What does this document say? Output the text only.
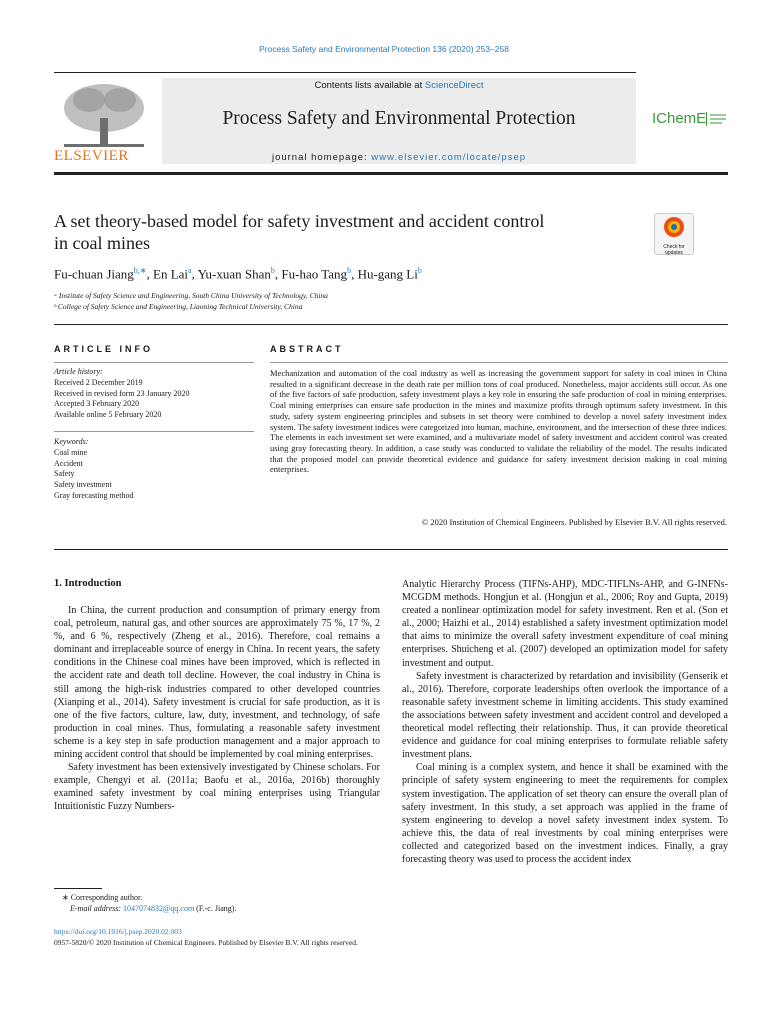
Process Safety and Environmental Protection 136 (2020) 253–258
ELSEVIER
Contents lists available at ScienceDirect
Process Safety and Environmental Protection
journal homepage: www.elsevier.com/locate/psep
IChemE
A set theory-based model for safety investment and accident control
in coal mines	Check for updates
Fu-chuan Jiang$^{b,∗}$, En Lai$^a$, Yu-xuan Shan$^b$, Fu-hao Tang$^b$, Hu-gang Li$^b$
ᵃ Institute of Safety Science and Engineering, South China University of Technology, China
ᵇ College of Safety Science and Engineering, Liaoning Technical University, China
ARTICLE INFO
Article history:
Received 2 December 2019
Received in revised form 23 January 2020
Accepted 3 February 2020
Available online 5 February 2020
Keywords:
Coal mine
Accident
Safety
Safety investment
Gray forecasting method
ABSTRACT
Mechanization and automation of the coal industry as well as increasing the government support for safety in coal mines in China resulted in a significant decrease in the death rate per million tons of coal produced. Nonetheless, major accidents still occur. As one of the five factors of safe production, safety investment plays a key role in ensuring the safe production of coal in mining enterprises. Coal mining enterprises can ensure safe production in the mines and maximize profits through optimum safety investment. In this study, safety system engineering principles and subsets in set theory were combined to develop a novel safety investment index system. The safety investment indices were categorized into human, machine, environment, and the intersection of these three indices. The elements in each investment set were examined, and a multivariate model of safety investment and accident control was created using gray forecasting theory. In addition, a case study was conducted to validate the reliability of the model. The results indicated that the proposed model can provide theoretical evidence and guidance for safety investment decision making in coal mining enterprises.
© 2020 Institution of Chemical Engineers. Published by Elsevier B.V. All rights reserved.
1. Introduction

In China, the current production and consumption of primary energy from coal, petroleum, natural gas, and other sources are approximately 75 %, 17 %, 2 %, and 6 %, respectively (Zheng et al., 2016). Therefore, coal remains a dominant and irreplaceable source of energy in China. In recent years, the safety conditions in the Chinese coal mines have been improved, which is reflected in the accident rate and death toll decline. However, the coal industry in China is still among the high-risk industries compared to other developed countries (Xianping et al., 2014). Safety investment is crucial for safe production, as it is one of the five factors, culture, law, duty, investment, and technology, of safe production in coal mines. Thus, formulating a reasonable safety investment scheme is a key step in safe production management and a major approach to mining accident control that should be implemented by coal mining enterprises.

Safety investment has been extensively investigated by Chinese scholars. For example, Chengyi et al. (2011a; Baofu et al., 2016a, 2016b) thoroughly examined safety investment by coal mining enterprises using Triangular Intuitionistic Fuzzy Numbers-

Analytic Hierarchy Process (TIFNs-AHP), MDC-TIFLNs-AHP, and G-INFNs-MCGDM methods. Hongjun et al. (Hongjun et al., 2006; Roy and Gupta, 2019) created a nonlinear optimization model for safety investment. Ren et al. (Son et al., 2000; Haizhi et al., 2014) established a safety investment optimization model that aims to minimize the overall safety investment expenditure of coal mining enterprises. Shuicheng et al. (2007) developed an optimization model for safety investment and output.

Safety investment is characterized by retardation and invisibility (Genserik et al., 2016). Therefore, corporate leaderships often overlook the importance of a reasonable safety investment scheme in limiting accidents. This study examined the associations between safety investment and accident control and developed a theoretical model reflecting their relationship. Thus, it can provide theoretical evidence and guidance for coal mining enterprises to formulate reliable safety investment plans.

Coal mining is a complex system, and hence it shall be examined with the principle of safety system engineering to meet the requirements for complex system investigation. The application of set theory can ensure the overall plan of safety investment. In this study, a set approach was applied in the frame of system engineering to develop a novel safety investment index system. To achieve this, the data of real investments by coal mining enterprises were collected and categorized based on the investment indices. Finally, a gray forecasting theory was used to process the accident index

∗ Corresponding author.
E-mail address: 1047074832@qq.com (F.-c. Jiang).
https://doi.org/10.1016/j.psep.2020.02.003
0957-5820/© 2020 Institution of Chemical Engineers. Published by Elsevier B.V. All rights reserved.
